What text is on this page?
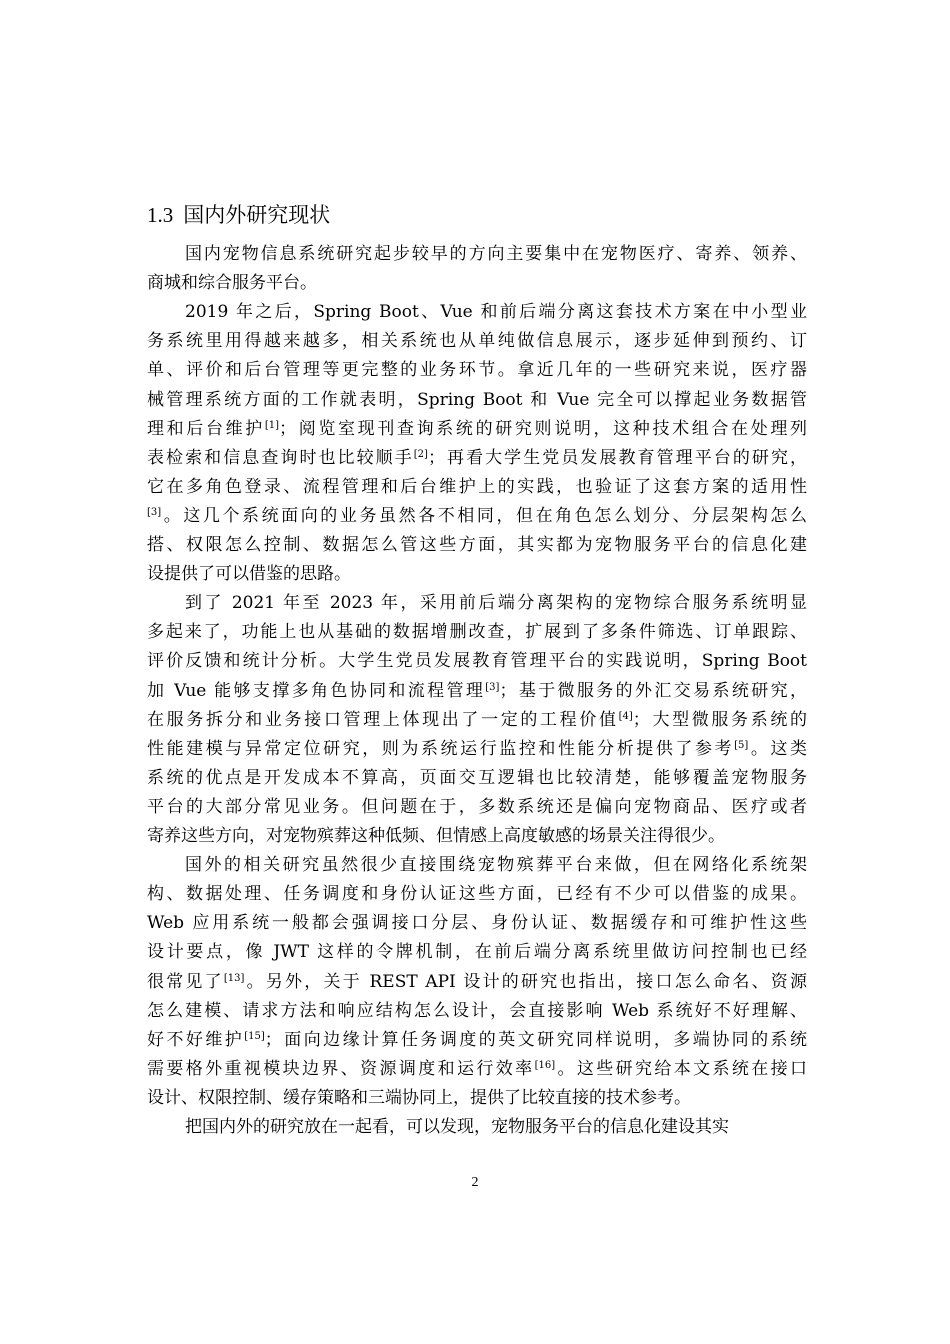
1.3 国内外研究现状
国内宠物信息系统研究起步较早的方向主要集中在宠物医疗、寄养、领养、
商城和综合服务平台。
2019 年之后，Spring Boot、Vue 和前后端分离这套技术方案在中小型业
务系统里用得越来越多，相关系统也从单纯做信息展示，逐步延伸到预约、订
单、评价和后台管理等更完整的业务环节。拿近几年的一些研究来说，医疗器
械管理系统方面的工作就表明，Spring Boot 和 Vue 完全可以撑起业务数据管
理和后台维护[1]；阅览室现刊查询系统的研究则说明，这种技术组合在处理列
表检索和信息查询时也比较顺手[2]；再看大学生党员发展教育管理平台的研究，
它在多角色登录、流程管理和后台维护上的实践，也验证了这套方案的适用性
[3]。这几个系统面向的业务虽然各不相同，但在角色怎么划分、分层架构怎么
搭、权限怎么控制、数据怎么管这些方面，其实都为宠物服务平台的信息化建
设提供了可以借鉴的思路。
到了 2021 年至 2023 年，采用前后端分离架构的宠物综合服务系统明显
多起来了，功能上也从基础的数据增删改查，扩展到了多条件筛选、订单跟踪、
评价反馈和统计分析。大学生党员发展教育管理平台的实践说明，Spring Boot
加 Vue 能够支撑多角色协同和流程管理[3]；基于微服务的外汇交易系统研究，
在服务拆分和业务接口管理上体现出了一定的工程价值[4]；大型微服务系统的
性能建模与异常定位研究，则为系统运行监控和性能分析提供了参考[5]。这类
系统的优点是开发成本不算高，页面交互逻辑也比较清楚，能够覆盖宠物服务
平台的大部分常见业务。但问题在于，多数系统还是偏向宠物商品、医疗或者
寄养这些方向，对宠物殡葬这种低频、但情感上高度敏感的场景关注得很少。
国外的相关研究虽然很少直接围绕宠物殡葬平台来做，但在网络化系统架
构、数据处理、任务调度和身份认证这些方面，已经有不少可以借鉴的成果。
Web 应用系统一般都会强调接口分层、身份认证、数据缓存和可维护性这些
设计要点，像 JWT 这样的令牌机制，在前后端分离系统里做访问控制也已经
很常见了[13]。另外，关于 REST API 设计的研究也指出，接口怎么命名、资源
怎么建模、请求方法和响应结构怎么设计，会直接影响 Web 系统好不好理解、
好不好维护[15]；面向边缘计算任务调度的英文研究同样说明，多端协同的系统
需要格外重视模块边界、资源调度和运行效率[16]。这些研究给本文系统在接口
设计、权限控制、缓存策略和三端协同上，提供了比较直接的技术参考。
把国内外的研究放在一起看，可以发现，宠物服务平台的信息化建设其实
2
